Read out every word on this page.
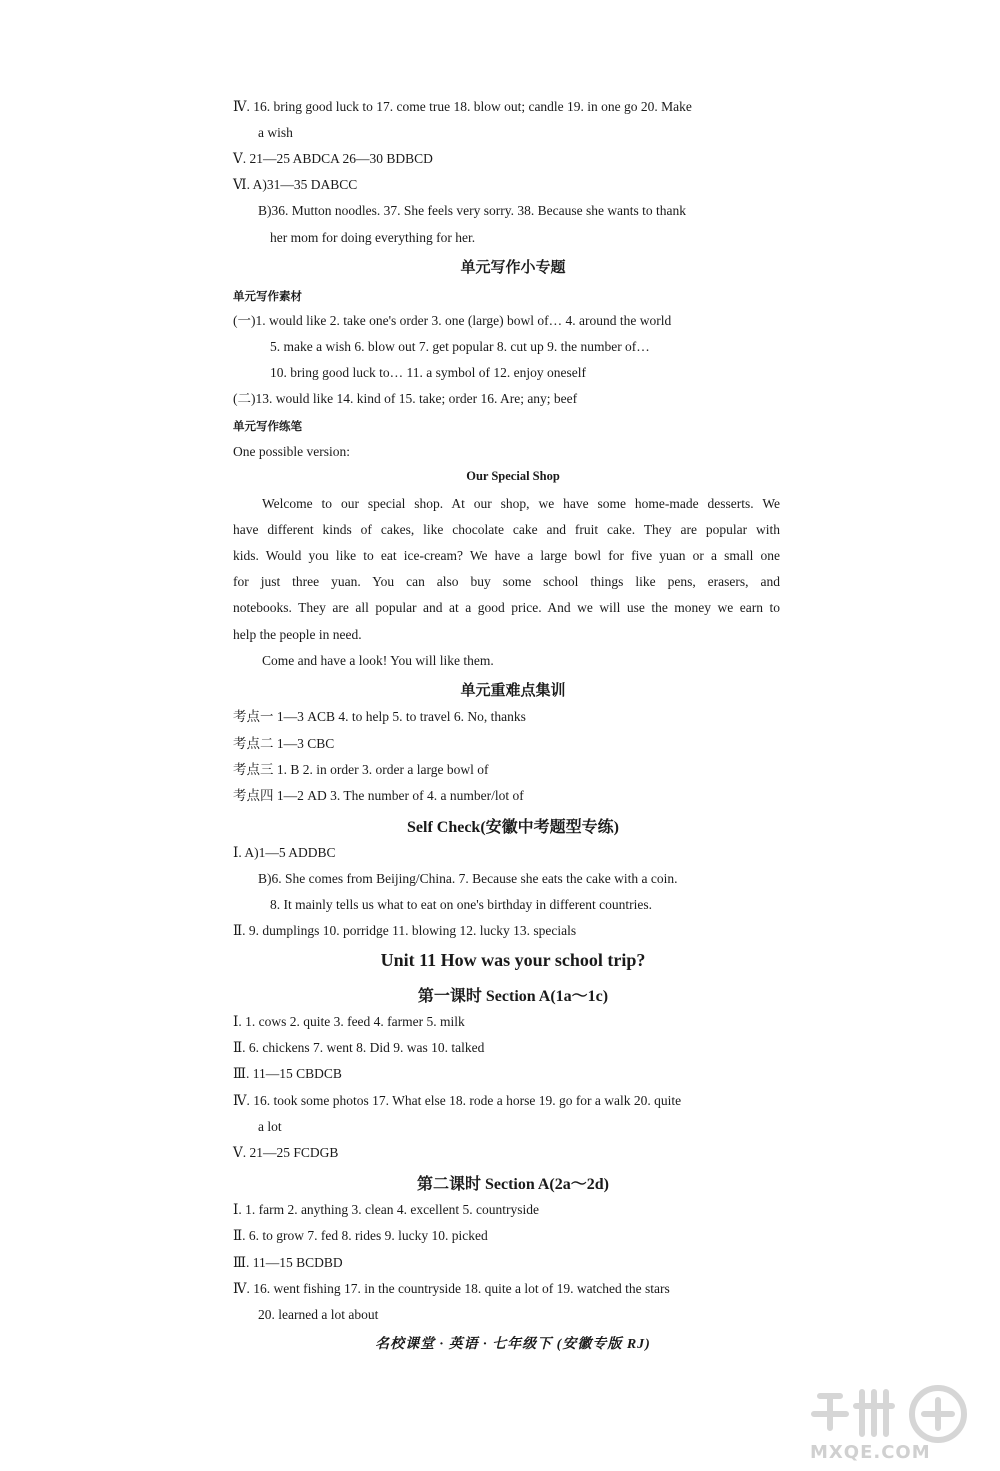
Ⅳ. 16. bring good luck to 17. come true 18. blow out; candle 19. in one go 20. Make
a wish
Ⅴ. 21—25 ABDCA 26—30 BDBCD
Ⅵ. A)31—35 DABCC
B)36. Mutton noodles. 37. She feels very sorry. 38. Because she wants to thank
her mom for doing everything for her.
单元写作小专题
单元写作素材
(一)1. would like 2. take one's order 3. one (large) bowl of… 4. around the world
5. make a wish 6. blow out 7. get popular 8. cut up 9. the number of…
10. bring good luck to… 11. a symbol of 12. enjoy oneself
(二)13. would like 14. kind of 15. take; order 16. Are; any; beef
单元写作练笔
One possible version:
Our Special Shop
Welcome to our special shop. At our shop, we have some home-made desserts. We
have different kinds of cakes, like chocolate cake and fruit cake. They are popular with
kids. Would you like to eat ice-cream? We have a large bowl for five yuan or a small one
for just three yuan. You can also buy some school things like pens, erasers, and
notebooks. They are all popular and at a good price. And we will use the money we earn to
help the people in need.
Come and have a look! You will like them.
单元重难点集训
考点一 1—3 ACB 4. to help 5. to travel 6. No, thanks
考点二 1—3 CBC
考点三 1. B 2. in order 3. order a large bowl of
考点四 1—2 AD 3. The number of 4. a number/lot of
Self Check(安徽中考题型专练)
Ⅰ. A)1—5 ADDBC
B)6. She comes from Beijing/China. 7. Because she eats the cake with a coin.
8. It mainly tells us what to eat on one's birthday in different countries.
Ⅱ. 9. dumplings 10. porridge 11. blowing 12. lucky 13. specials
Unit 11 How was your school trip?
第一课时 Section A(1a～1c)
Ⅰ. 1. cows 2. quite 3. feed 4. farmer 5. milk
Ⅱ. 6. chickens 7. went 8. Did 9. was 10. talked
Ⅲ. 11—15 CBDCB
Ⅳ. 16. took some photos 17. What else 18. rode a horse 19. go for a walk 20. quite
a lot
Ⅴ. 21—25 FCDGB
第二课时 Section A(2a～2d)
Ⅰ. 1. farm 2. anything 3. clean 4. excellent 5. countryside
Ⅱ. 6. to grow 7. fed 8. rides 9. lucky 10. picked
Ⅲ. 11—15 BCDBD
Ⅳ. 16. went fishing 17. in the countryside 18. quite a lot of 19. watched the stars
20. learned a lot about
名校课堂 · 英语 · 七年级下 (安徽专版 RJ)
MXQE.COM
